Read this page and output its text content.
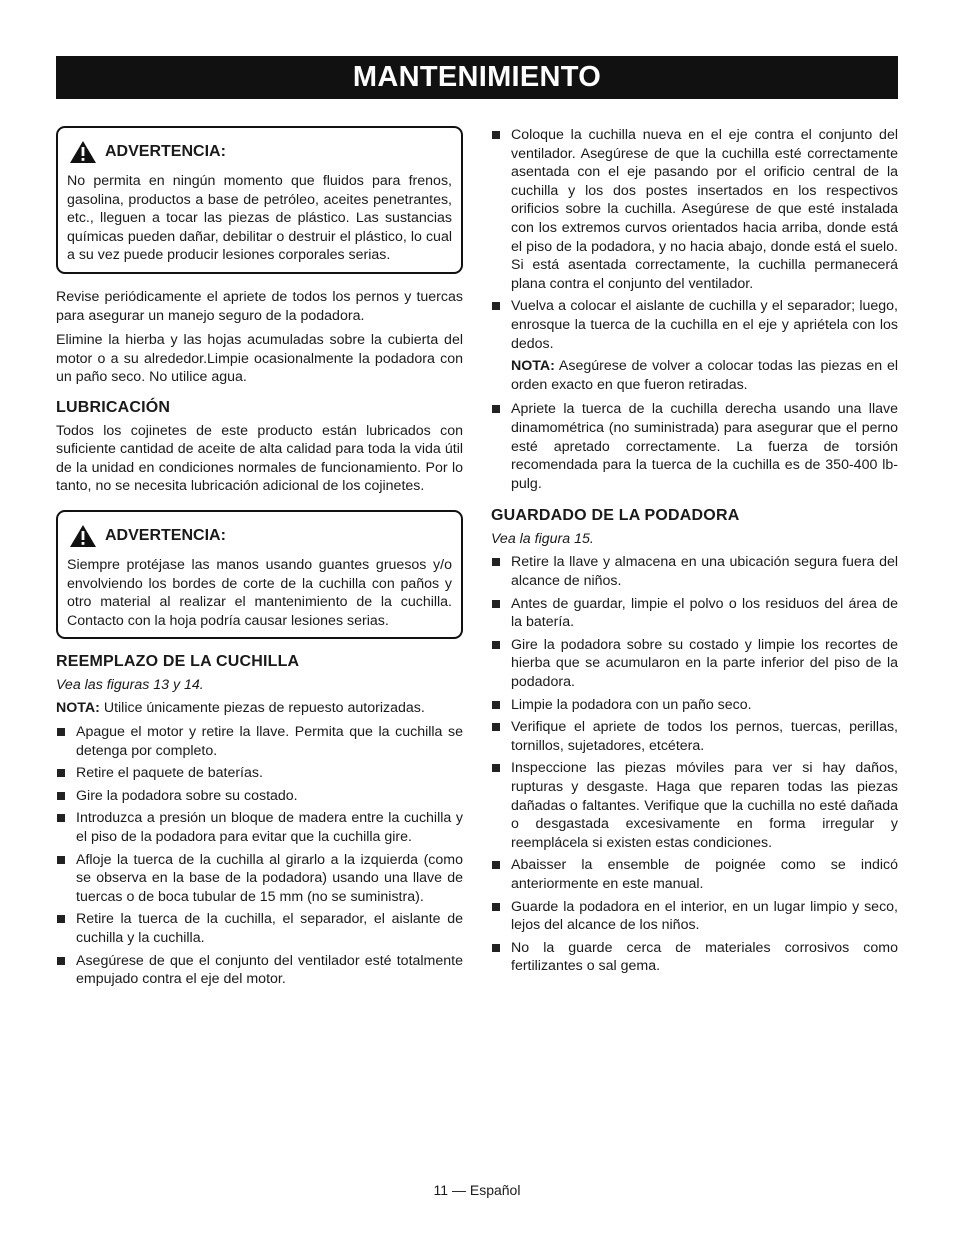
MANTENIMIENTO
ADVERTENCIA:
No permita en ningún momento que fluidos para frenos, gasolina, productos a base de petróleo, aceites penetrantes, etc., lleguen a tocar las piezas de plástico. Las sustancias químicas pueden dañar, debilitar o destruir el plástico, lo cual a su vez puede producir lesiones corporales serias.

Revise periódicamente el apriete de todos los pernos y tuercas para asegurar un manejo seguro de la podadora.

Elimine la hierba y las hojas acumuladas sobre la cubierta del motor o a su alrededor.Limpie ocasionalmente la podadora con un paño seco. No utilice agua.

LUBRICACIÓN

Todos los cojinetes de este producto están lubricados con suficiente cantidad de aceite de alta calidad para toda la vida útil de la unidad en condiciones normales de funcionamiento. Por lo tanto, no se necesita lubricación adicional de los cojinetes.

ADVERTENCIA:
Siempre protéjase las manos usando guantes gruesos y/o envolviendo los bordes de corte de la cuchilla con paños y otro material al realizar el mantenimiento de la cuchilla. Contacto con la hoja podría causar lesiones serias.
REEMPLAZO DE LA CUCHILLA
Vea las figuras 13 y 14.
NOTA: Utilice únicamente piezas de repuesto autorizadas.
Apague el motor y retire la llave. Permita que la cuchilla se detenga por completo.
Retire el paquete de baterías.
Gire la podadora sobre su costado.
Introduzca a presión un bloque de madera entre la cuchilla y el piso de la podadora para evitar que la cuchilla gire.
Afloje la tuerca de la cuchilla al girarlo a la izquierda (como se observa en la base de la podadora) usando una llave de tuercas o de boca tubular de 15 mm (no se suministra).
Retire la tuerca de la cuchilla, el separador, el aislante de cuchilla y la cuchilla.
Asegúrese de que el conjunto del ventilador esté totalmente empujado contra el eje del motor.
Coloque la cuchilla nueva en el eje contra el conjunto del ventilador. Asegúrese de que la cuchilla esté correctamente asentada con el eje pasando por el orificio central de la cuchilla y los dos postes insertados en los respectivos orificios sobre la cuchilla. Asegúrese de que esté instalada con los extremos curvos orientados hacia arriba, donde está el piso de la podadora, y no hacia abajo, donde está el suelo. Si está asentada correctamente, la cuchilla permanecerá plana contra el conjunto del ventilador.
Vuelva a colocar el aislante de cuchilla y el separador; luego, enrosque la tuerca de la cuchilla en el eje y apriétela con los dedos.
NOTA: Asegúrese de volver a colocar todas las piezas en el orden exacto en que fueron retiradas.
Apriete la tuerca de la cuchilla derecha usando una llave dinamométrica (no suministrada) para asegurar que el perno esté apretado correctamente. La fuerza de torsión recomendada para la tuerca de la cuchilla es de 350-400 lb-pulg.
GUARDADO DE LA PODADORA
Vea la figura 15.
Retire la llave y almacena en una ubicación segura fuera del alcance de niños.
Antes de guardar, limpie el polvo o los residuos del área de la batería.
Gire la podadora sobre su costado y limpie los recortes de hierba que se acumularon en la parte inferior del piso de la podadora.
Limpie la podadora con un paño seco.
Verifique el apriete de todos los pernos, tuercas, perillas, tornillos, sujetadores, etcétera.
Inspeccione las piezas móviles para ver si hay daños, rupturas y desgaste. Haga que reparen todas las piezas dañadas o faltantes. Verifique que la cuchilla no esté dañada o desgastada excesivamente en forma irregular y reemplácela si existen estas condiciones.
Abaisser la ensemble de poignée como se indicó anteriormente en este manual.
Guarde la podadora en el interior, en un lugar limpio y seco, lejos del alcance de los niños.
No la guarde cerca de materiales corrosivos como fertilizantes o sal gema.
11 — Español
